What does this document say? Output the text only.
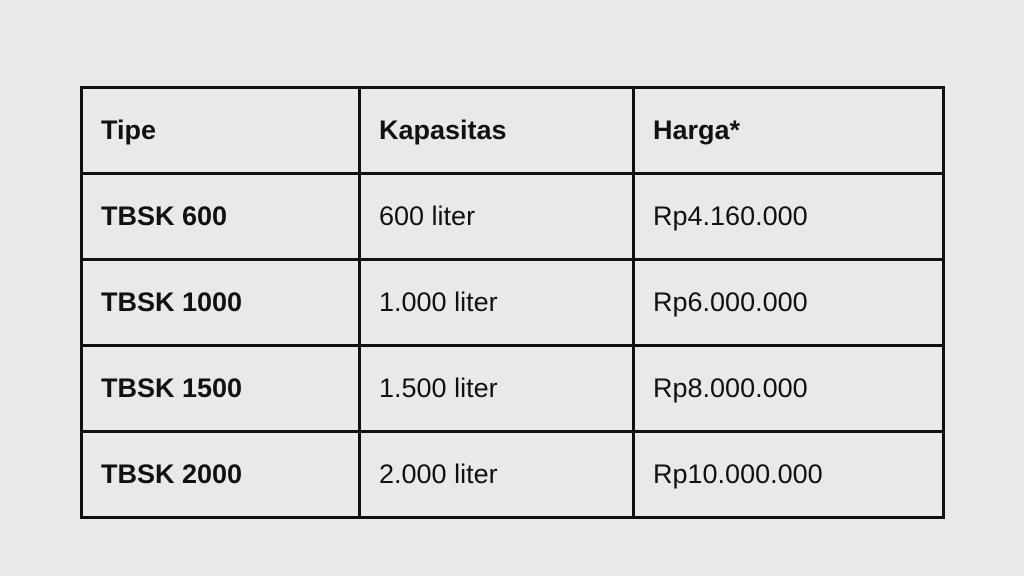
Tipe	Kapasitas	Harga*
TBSK 600	600 liter	Rp4.160.000
TBSK 1000	1.000 liter	Rp6.000.000
TBSK 1500	1.500 liter	Rp8.000.000
TBSK 2000	2.000 liter	Rp10.000.000
